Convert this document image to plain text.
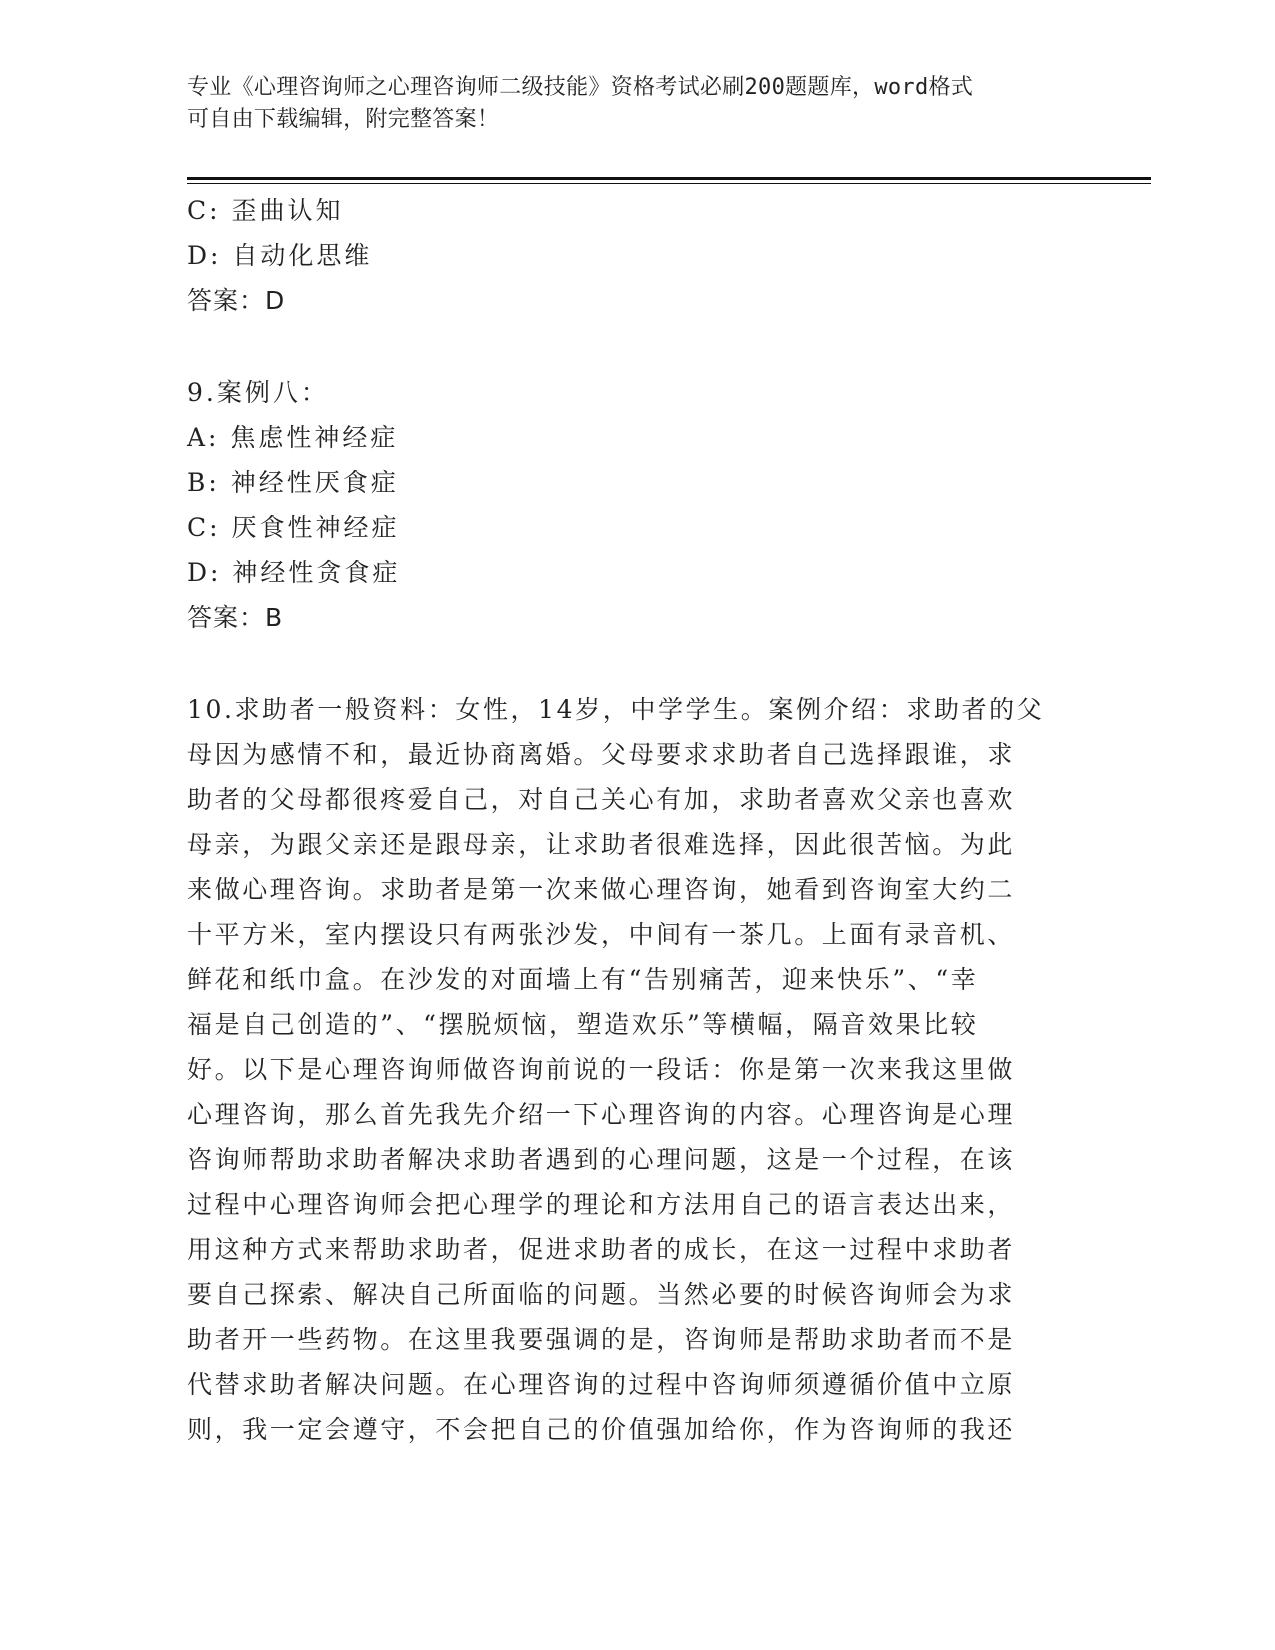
专业《心理咨询师之心理咨询师二级技能》资格考试必刷200题题库，word格式
可自由下载编辑，附完整答案！
C: 歪曲认知
D: 自动化思维
答案：D
9.案例八：
A: 焦虑性神经症
B: 神经性厌食症
C: 厌食性神经症
D: 神经性贪食症
答案：B
10.求助者一般资料：女性，14岁，中学学生。案例介绍：求助者的父
母因为感情不和，最近协商离婚。父母要求求助者自己选择跟谁，求
助者的父母都很疼爱自己，对自己关心有加，求助者喜欢父亲也喜欢
母亲，为跟父亲还是跟母亲，让求助者很难选择，因此很苦恼。为此
来做心理咨询。求助者是第一次来做心理咨询，她看到咨询室大约二
十平方米，室内摆设只有两张沙发，中间有一茶几。上面有录音机、
鲜花和纸巾盒。在沙发的对面墙上有“告别痛苦，迎来快乐”、“幸
福是自己创造的”、“摆脱烦恼，塑造欢乐”等横幅，隔音效果比较
好。以下是心理咨询师做咨询前说的一段话：你是第一次来我这里做
心理咨询，那么首先我先介绍一下心理咨询的内容。心理咨询是心理
咨询师帮助求助者解决求助者遇到的心理问题，这是一个过程，在该
过程中心理咨询师会把心理学的理论和方法用自己的语言表达出来，
用这种方式来帮助求助者，促进求助者的成长，在这一过程中求助者
要自己探索、解决自己所面临的问题。当然必要的时候咨询师会为求
助者开一些药物。在这里我要强调的是，咨询师是帮助求助者而不是
代替求助者解决问题。在心理咨询的过程中咨询师须遵循价值中立原
则，我一定会遵守，不会把自己的价值强加给你，作为咨询师的我还
